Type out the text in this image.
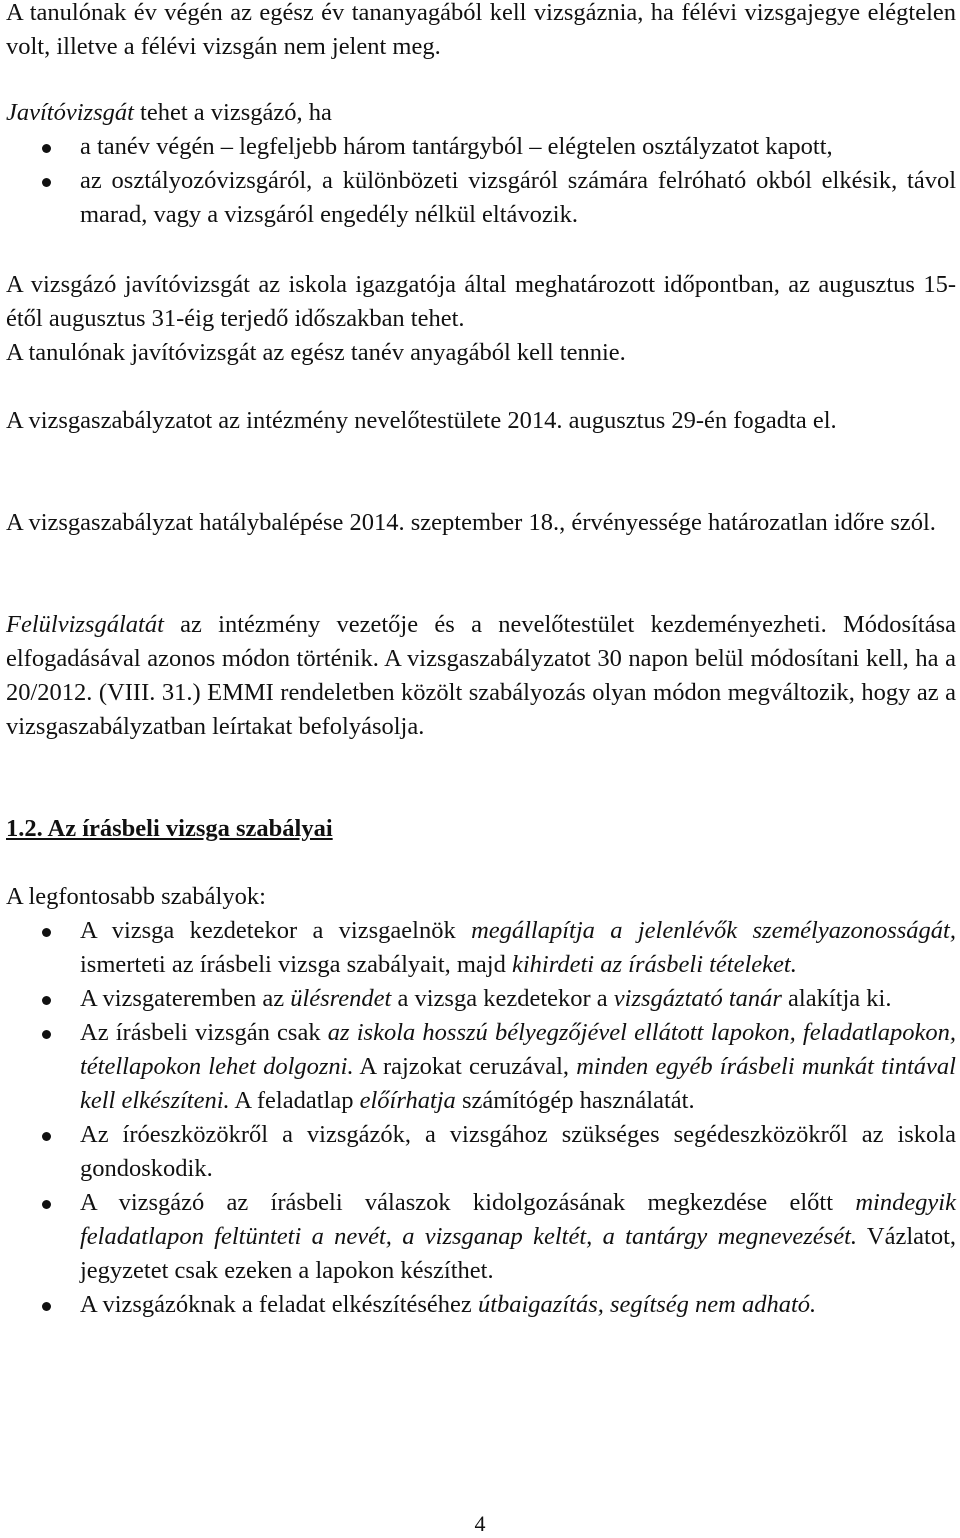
A tanulónak év végén az egész év tananyagából kell vizsgáznia, ha félévi vizsgajegye elégtelen volt, illetve a félévi vizsgán nem jelent meg.

Javítóvizsgát tehet a vizsgázó, ha

a tanév végén – legfeljebb három tantárgyból – elégtelen osztályzatot kapott,
az osztályozóvizsgáról, a különbözeti vizsgáról számára felróható okból elkésik, távol marad, vagy a vizsgáról engedély nélkül eltávozik.

A vizsgázó javítóvizsgát az iskola igazgatója által meghatározott időpontban, az augusztus 15-étől augusztus 31-éig terjedő időszakban tehet.

A tanulónak javítóvizsgát az egész tanév anyagából kell tennie.

A vizsgaszabályzatot az intézmény nevelőtestülete 2014. augusztus 29-én fogadta el.

A vizsgaszabályzat hatálybalépése 2014. szeptember 18., érvényessége határozatlan időre szól.

Felülvizsgálatát az intézmény vezetője és a nevelőtestület kezdeményezheti. Módosítása elfogadásával azonos módon történik. A vizsgaszabályzatot 30 napon belül módosítani kell, ha a 20/2012. (VIII. 31.) EMMI rendeletben közölt szabályozás olyan módon megváltozik, hogy az a vizsgaszabályzatban leírtakat befolyásolja.

1.2. Az írásbeli vizsga szabályai

A legfontosabb szabályok:

A vizsga kezdetekor a vizsgaelnök megállapítja a jelenlévők személyazonosságát, ismerteti az írásbeli vizsga szabályait, majd kihirdeti az írásbeli tételeket.
A vizsgateremben az ülésrendet a vizsga kezdetekor a vizsgáztató tanár alakítja ki.
Az írásbeli vizsgán csak az iskola hosszú bélyegzőjével ellátott lapokon, feladatlapokon, tétellapokon lehet dolgozni. A rajzokat ceruzával, minden egyéb írásbeli munkát tintával kell elkészíteni. A feladatlap előírhatja számítógép használatát.
Az íróeszközökről a vizsgázók, a vizsgához szükséges segédeszközökről az iskola gondoskodik.
A vizsgázó az írásbeli válaszok kidolgozásának megkezdése előtt mindegyik feladatlapon feltünteti a nevét, a vizsganap keltét, a tantárgy megnevezését. Vázlatot, jegyzetet csak ezeken a lapokon készíthet.
A vizsgázóknak a feladat elkészítéséhez útbaigazítás, segítség nem adható.
4
